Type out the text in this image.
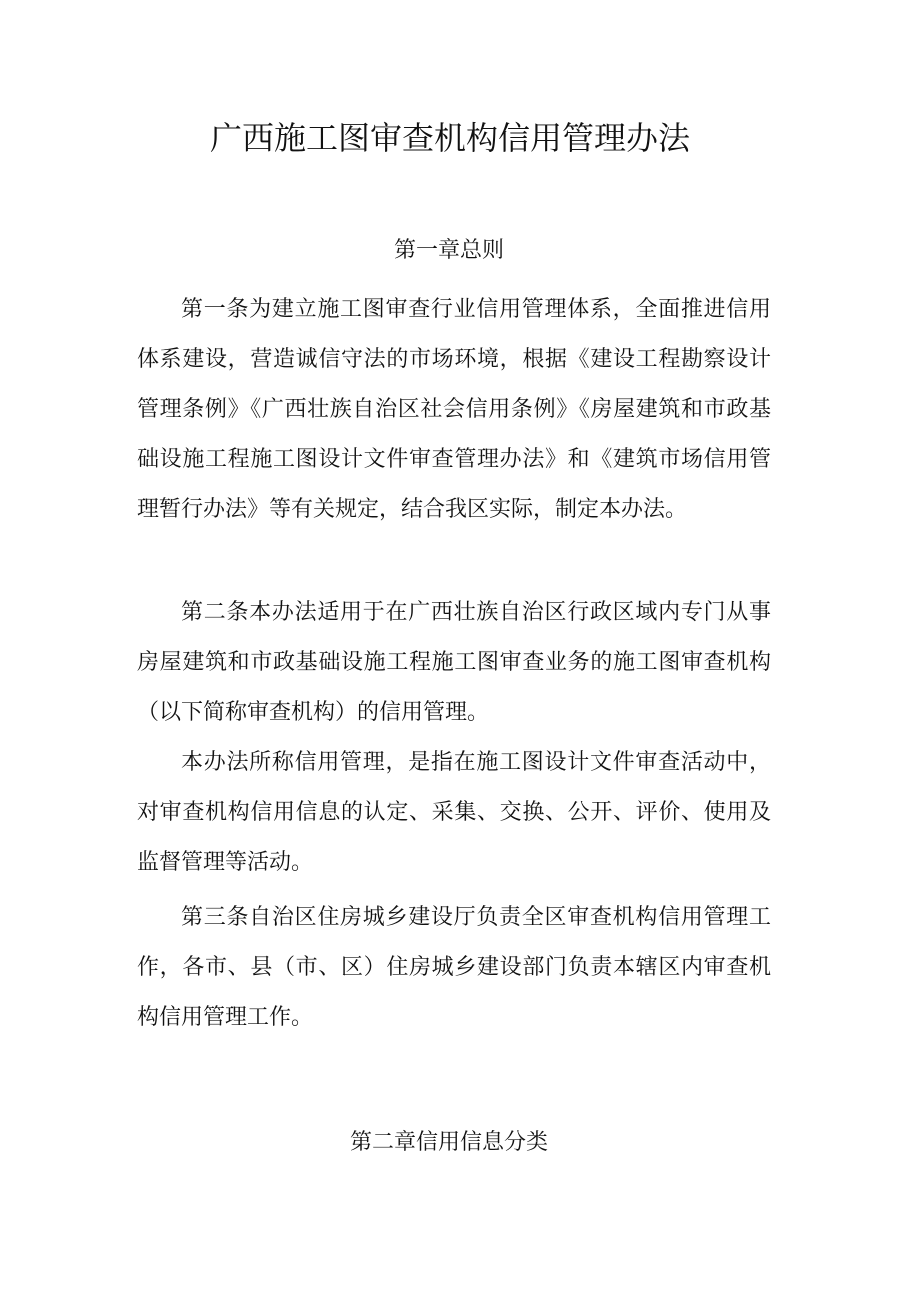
广西施工图审查机构信用管理办法
第一章总则

第一条为建立施工图审查行业信用管理体系，全面推进信用体系建设，营造诚信守法的市场环境，根据《建设工程勘察设计管理条例》《广西壮族自治区社会信用条例》《房屋建筑和市政基础设施工程施工图设计文件审查管理办法》和《建筑市场信用管理暂行办法》等有关规定，结合我区实际，制定本办法。

第二条本办法适用于在广西壮族自治区行政区域内专门从事房屋建筑和市政基础设施工程施工图审查业务的施工图审查机构（以下简称审查机构）的信用管理。

本办法所称信用管理，是指在施工图设计文件审查活动中，对审查机构信用信息的认定、采集、交换、公开、评价、使用及监督管理等活动。

第三条自治区住房城乡建设厅负责全区审查机构信用管理工作，各市、县（市、区）住房城乡建设部门负责本辖区内审查机构信用管理工作。

第二章信用信息分类
